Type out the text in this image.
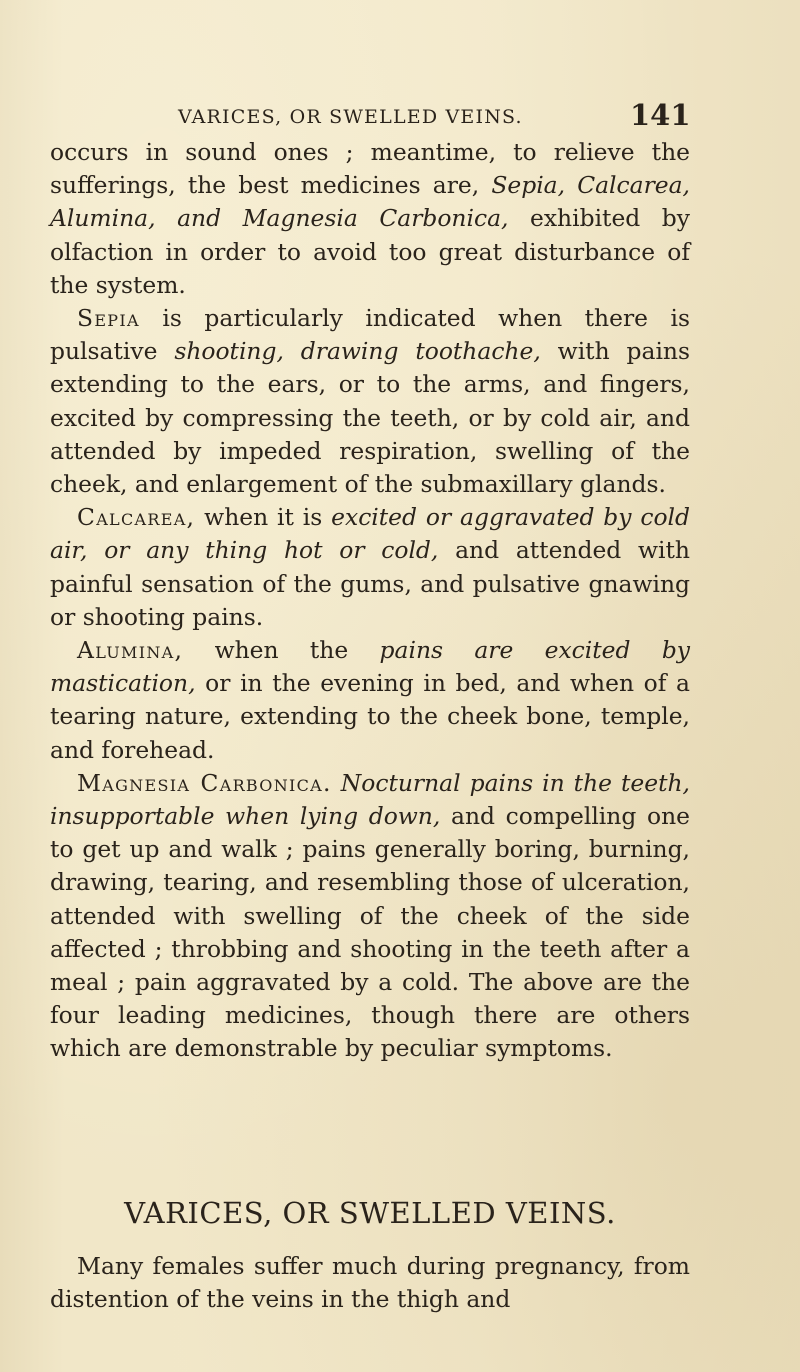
VARICES, OR SWELLED VEINS.	141

occurs in sound ones ; meantime, to relieve the sufferings, the best medicines are, Sepia, Calcarea, Alumina, and Magnesia Carbonica, exhibited by olfaction in order to avoid too great disturbance of the system.

Sepia is particularly indicated when there is pulsative shooting, drawing toothache, with pains extending to the ears, or to the arms, and fingers, excited by compressing the teeth, or by cold air, and attended by impeded respiration, swelling of the cheek, and enlargement of the submaxillary glands.

Calcarea, when it is excited or aggravated by cold air, or any thing hot or cold, and attended with painful sensation of the gums, and pulsative gnawing or shooting pains.

Alumina, when the pains are excited by mastication, or in the evening in bed, and when of a tearing nature, extending to the cheek bone, temple, and forehead.

Magnesia Carbonica. Nocturnal pains in the teeth, insupportable when lying down, and compelling one to get up and walk ; pains generally boring, burning, drawing, tearing, and resembling those of ulceration, attended with swelling of the cheek of the side affected ; throbbing and shooting in the teeth after a meal ; pain aggravated by a cold. The above are the four leading medicines, though there are others which are demonstrable by peculiar symptoms.

VARICES, OR SWELLED VEINS.

Many females suffer much during pregnancy, from distention of the veins in the thigh and
